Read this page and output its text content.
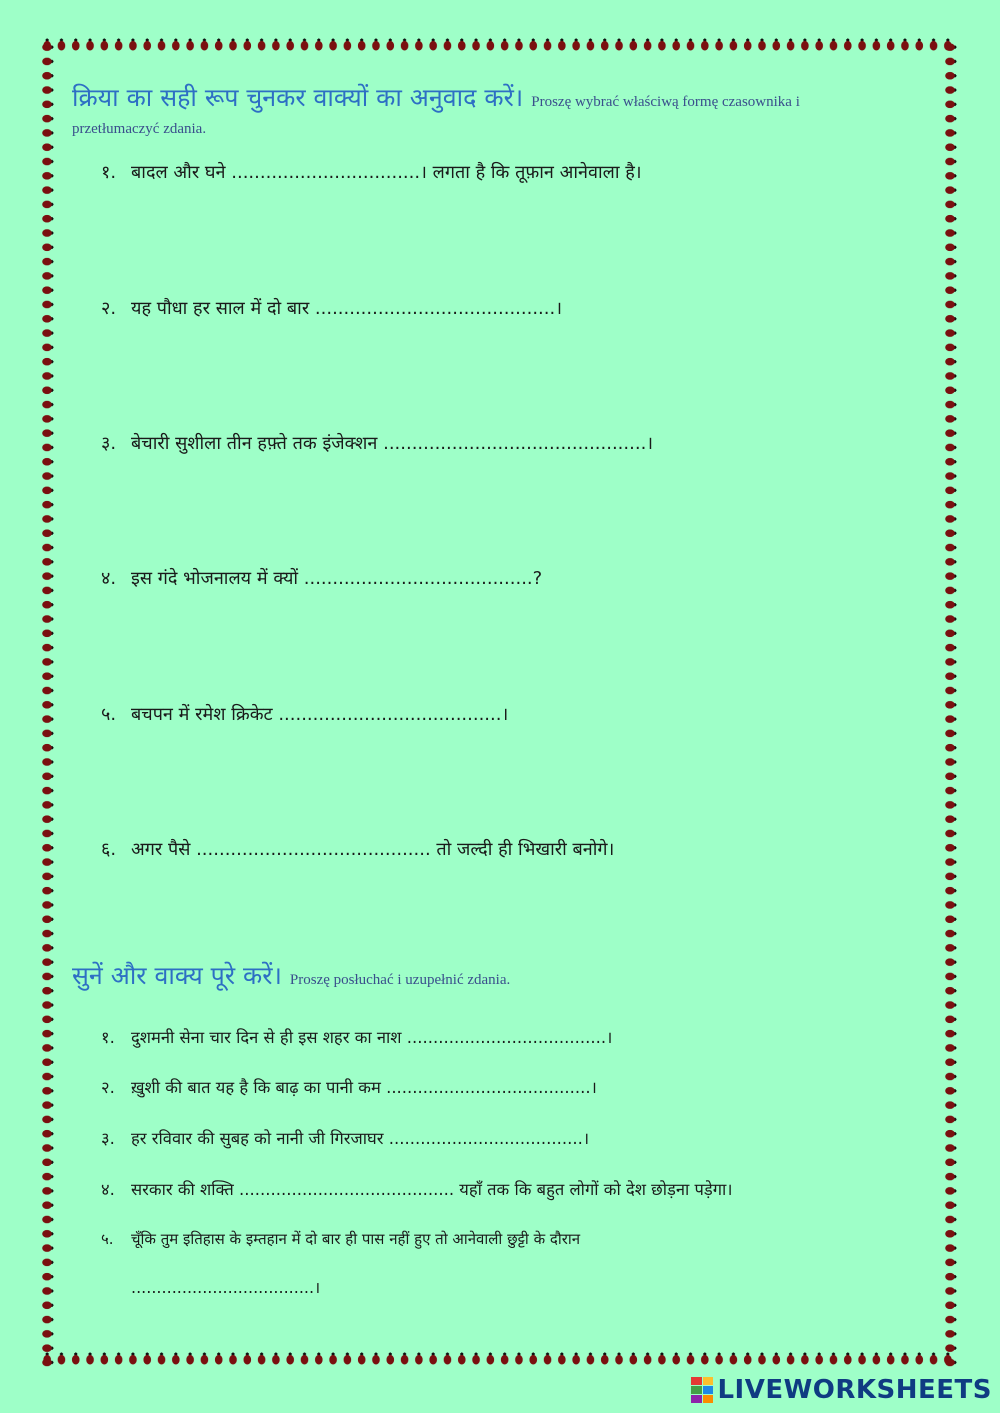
क्रिया का सही रूप चुनकर वाक्यों का अनुवाद करें। Proszę wybrać właściwą formę czasownika i
przetłumaczyć zdania.
१. बादल और घने .................................। लगता है कि तूफ़ान आनेवाला है।
२. यह पौधा हर साल में दो बार ..........................................।
३. बेचारी सुशीला तीन हफ़्ते तक इंजेक्शन ..............................................।
४. इस गंदे भोजनालय में क्यों ........................................?
५. बचपन में रमेश क्रिकेट .......................................।
६. अगर पैसे ......................................... तो जल्दी ही भिखारी बनोगे।
सुनें और वाक्य पूरे करें। Proszę posłuchać i uzupełnić zdania.
१. दुशमनी सेना चार दिन से ही इस शहर का नाश ......................................।
२. ख़ुशी की बात यह है कि बाढ़ का पानी कम .......................................।
३. हर रविवार की सुबह को नानी जी गिरजाघर .....................................।
४. सरकार की शक्ति ......................................... यहाँ तक कि बहुत लोगों को देश छोड़ना पड़ेगा।
५. चूँकि तुम इतिहास के इम्तहान में दो बार ही पास नहीं हुए तो आनेवाली छुट्टी के दौरान
....................................।
LIVEWORKSHEETS
